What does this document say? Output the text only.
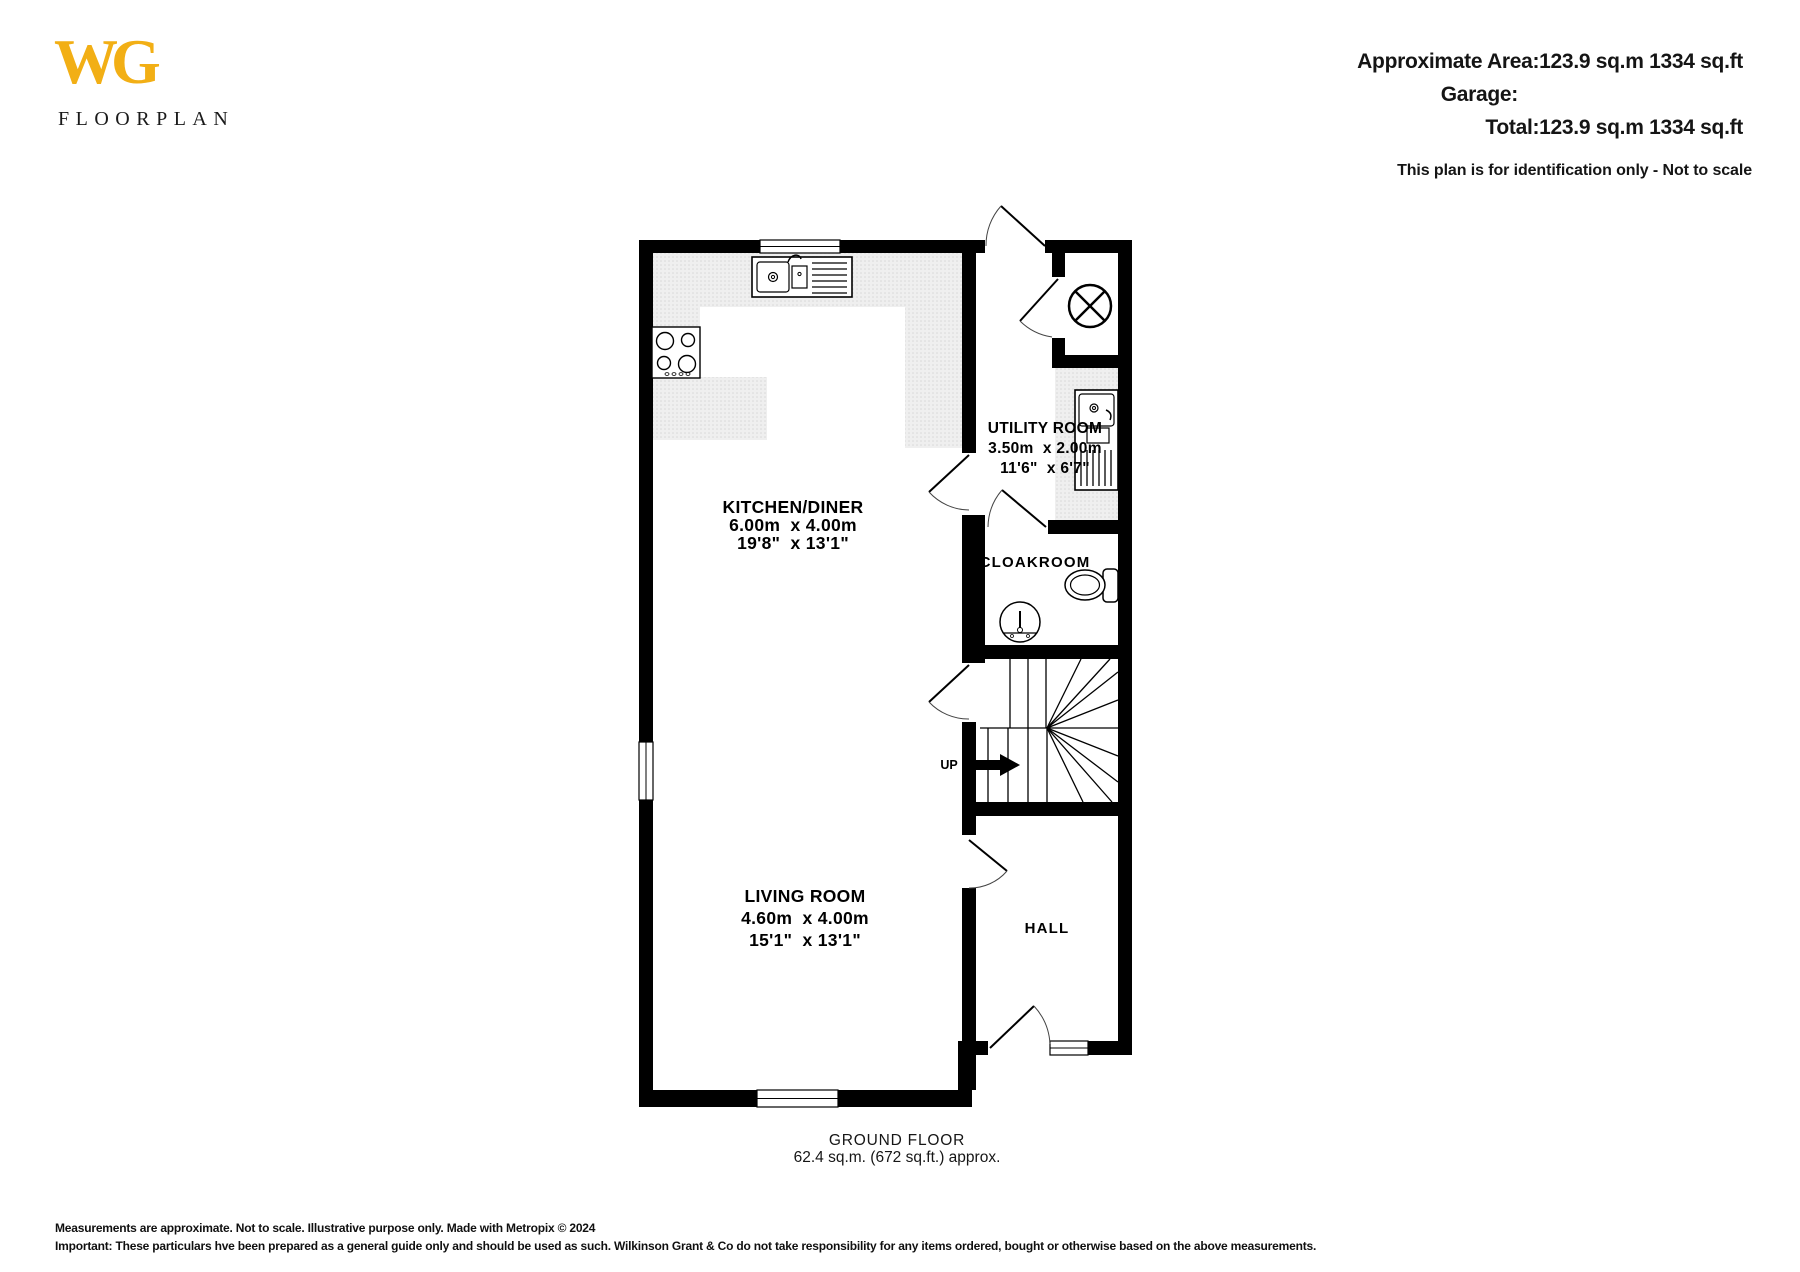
WG
FLOORPLAN
Approximate Area:123.9 sq.m 1334 sq.ft
Garage:
Total:123.9 sq.m 1334 sq.ft
This plan is for identification only - Not to scale
KITCHEN/DINER
6.00m  x 4.00m
19'8"  x 13'1"
LIVING ROOM
4.60m  x 4.00m
15'1"  x 13'1"
UTILITY ROOM
3.50m  x 2.00m
11'6"  x 6'7"
CLOAKROOM
HALL
UP
GROUND FLOOR
62.4 sq.m. (672 sq.ft.) approx.
Measurements are approximate. Not to scale. Illustrative purpose only. Made with Metropix © 2024
Important: These particulars hve been prepared as a general guide only and should be used as such. Wilkinson Grant & Co do not take responsibility for any items ordered, bought or otherwise based on the above measurements.
